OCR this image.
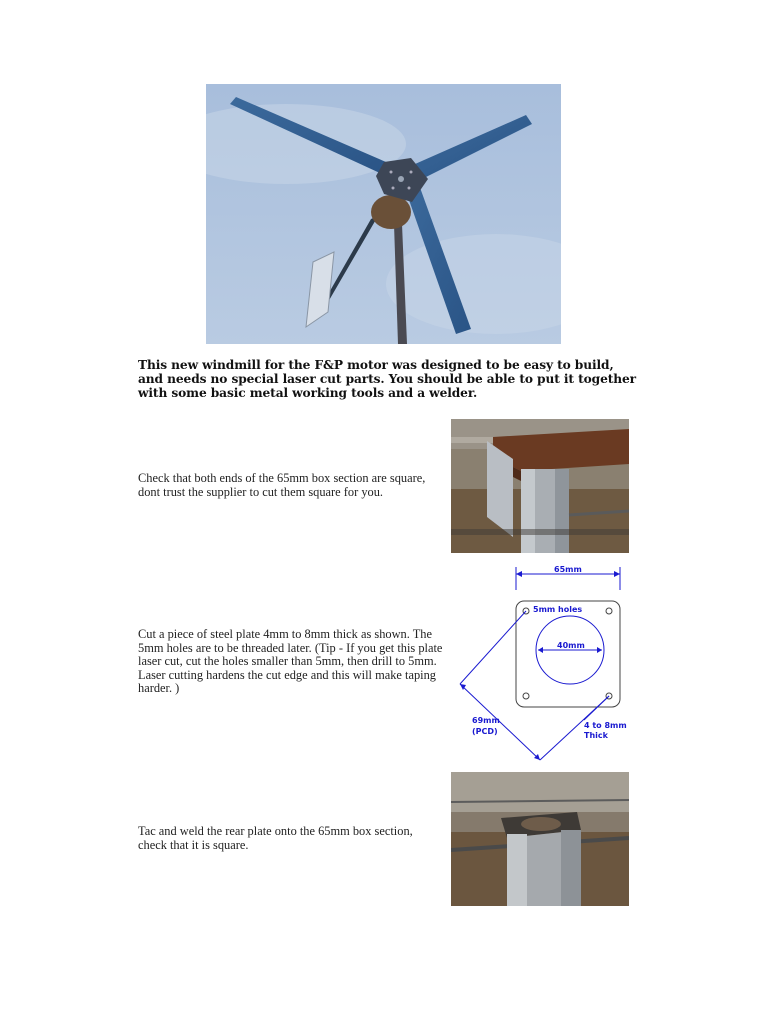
This new windmill for the F&P motor was designed to be easy to build, and needs no special laser cut parts. You should be able to put it together with some basic metal working tools and a welder.
Check that both ends of the 65mm box section are square, dont trust the supplier to cut them square for you.
Cut a piece of steel plate 4mm to 8mm thick as shown. The 5mm holes are to be threaded later. (Tip - If you get this plate laser cut, cut the holes smaller than 5mm, then drill to 5mm. Laser cutting hardens the cut edge and this will make taping harder. )
65mm
40mm
5mm holes
69mm
(PCD)
4 to 8mm
Thick
Tac and weld the rear plate onto the 65mm box section, check that it is square.
